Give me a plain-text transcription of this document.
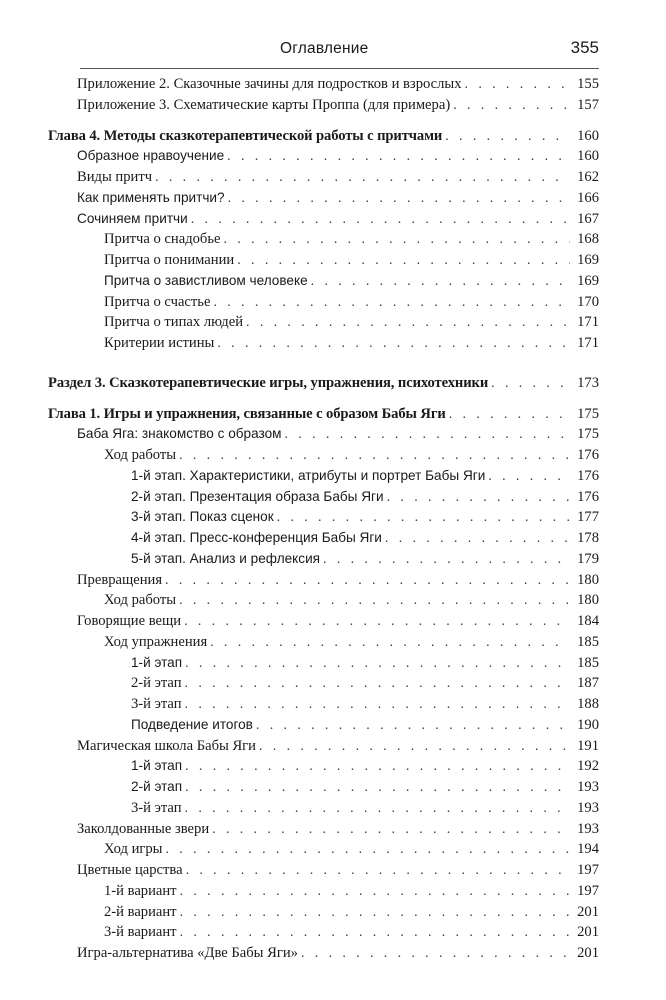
Оглавление	355
Приложение 2. Сказочные зачины для подростков и взрослых . . .	155
Приложение 3. Схематические карты Проппа (для примера) . . .	157
Глава 4. Методы сказкотерапевтической работы с притчами . . .	160
Образное нравоучение . . .	160
Виды притч . . .	162
Как применять притчи? . . .	166
Сочиняем притчи . . .	167
Притча о снадобье . . .	168
Притча о понимании . . .	169
Притча о завистливом человеке . . .	169
Притча о счастье . . .	170
Притча о типах людей . . .	171
Критерии истины . . .	171
Раздел 3. Сказкотерапевтические игры, упражнения, психотехники . . .	173
Глава 1. Игры и упражнения, связанные с образом Бабы Яги . . .	175
Баба Яга: знакомство с образом . . .	175
Ход работы . . .	176
1-й этап. Характеристики, атрибуты и портрет Бабы Яги . . .	176
2-й этап. Презентация образа Бабы Яги . . .	176
3-й этап. Показ сценок . . .	177
4-й этап. Пресс-конференция Бабы Яги . . .	178
5-й этап. Анализ и рефлексия . . .	179
Превращения . . .	180
Ход работы . . .	180
Говорящие вещи . . .	184
Ход упражнения . . .	185
1-й этап . . .	185
2-й этап . . .	187
3-й этап . . .	188
Подведение итогов . . .	190
Магическая школа Бабы Яги . . .	191
1-й этап . . .	192
2-й этап . . .	193
3-й этап . . .	193
Заколдованные звери . . .	193
Ход игры . . .	194
Цветные царства . . .	197
1-й вариант . . .	197
2-й вариант . . .	201
3-й вариант . . .	201
Игра-альтернатива «Две Бабы Яги» . . .	201
